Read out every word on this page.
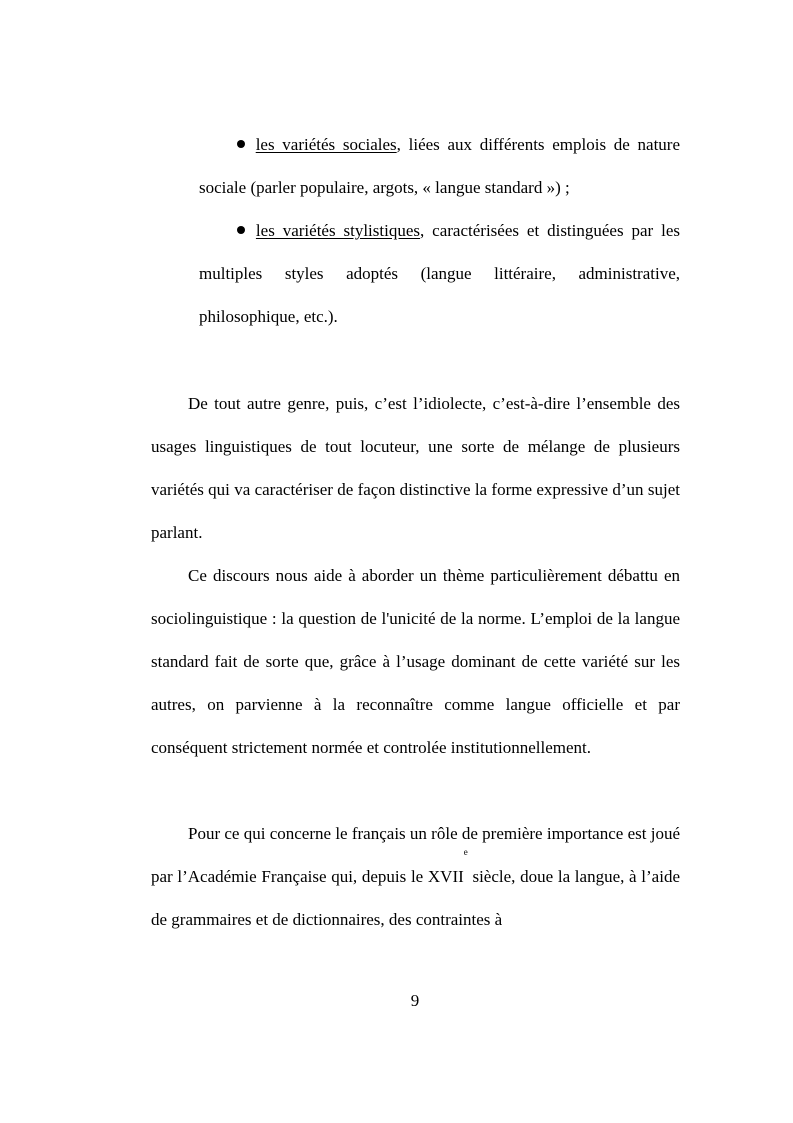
les variétés sociales, liées aux différents emplois de nature sociale (parler populaire, argots, « langue standard ») ;
les variétés stylistiques, caractérisées et distinguées par les multiples styles adoptés (langue littéraire, administrative, philosophique, etc.).

De tout autre genre, puis, c’est l’idiolecte, c’est-à-dire l’ensemble des usages linguistiques de tout locuteur, une sorte de mélange de plusieurs variétés qui va caractériser de façon distinctive la forme expressive d’un sujet parlant.

Ce discours nous aide à aborder un thème particulièrement débattu en sociolinguistique : la question de l'unicité de la norme. L’emploi de la langue standard fait de sorte que, grâce à l’usage dominant de cette variété sur les autres, on parvienne à la reconnaître comme langue officielle et par conséquent strictement normée et controlée institutionnellement.

Pour ce qui concerne le français un rôle de première importance est joué par l’Académie Française qui, depuis le XVIIe siècle, doue la langue, à l’aide de grammaires et de dictionnaires, des contraintes à

9
